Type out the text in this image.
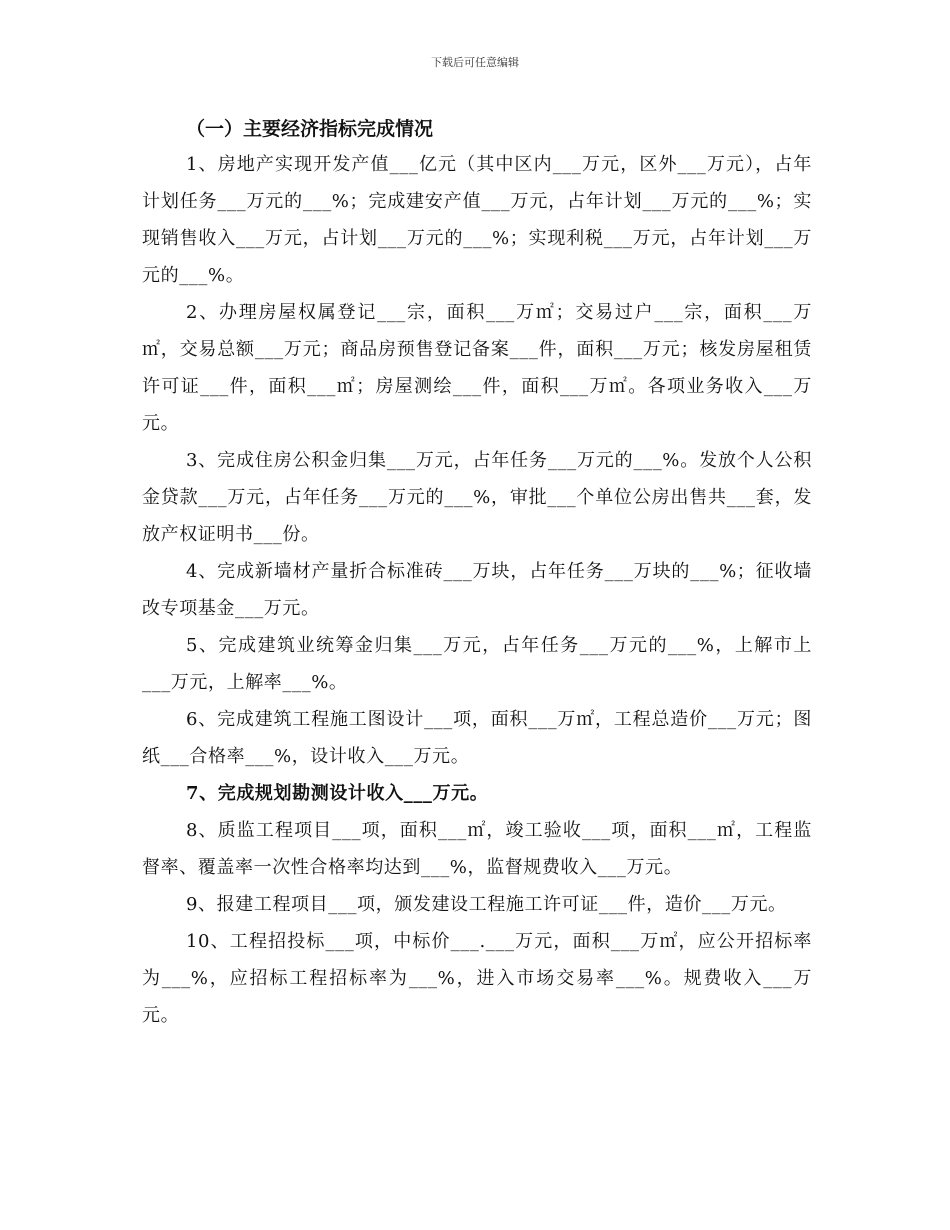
下载后可任意编辑

（一）主要经济指标完成情况

1、房地产实现开发产值___亿元（其中区内___万元，区外___万元），占年计划任务___万元的___%；完成建安产值___万元，占年计划___万元的___%；实现销售收入___万元，占计划___万元的___%；实现利税___万元，占年计划___万元的___%。

2、办理房屋权属登记___宗，面积___万㎡；交易过户___宗，面积___万㎡，交易总额___万元；商品房预售登记备案___件，面积___万元；核发房屋租赁许可证___件，面积___㎡；房屋测绘___件，面积___万㎡。各项业务收入___万元。

3、完成住房公积金归集___万元，占年任务___万元的___%。发放个人公积金贷款___万元，占年任务___万元的___%，审批___个单位公房出售共___套，发放产权证明书___份。

4、完成新墙材产量折合标准砖___万块，占年任务___万块的___%；征收墙改专项基金___万元。

5、完成建筑业统筹金归集___万元，占年任务___万元的___%，上解市上___万元，上解率___%。

6、完成建筑工程施工图设计___项，面积___万㎡，工程总造价___万元；图纸___合格率___%，设计收入___万元。

7、完成规划勘测设计收入___万元。

8、质监工程项目___项，面积___㎡，竣工验收___项，面积___㎡，工程监督率、覆盖率一次性合格率均达到___%，监督规费收入___万元。

9、报建工程项目___项，颁发建设工程施工许可证___件，造价___万元。

10、工程招投标___项，中标价___.___万元，面积___万㎡，应公开招标率为___%，应招标工程招标率为___%，进入市场交易率___%。规费收入___万元。
